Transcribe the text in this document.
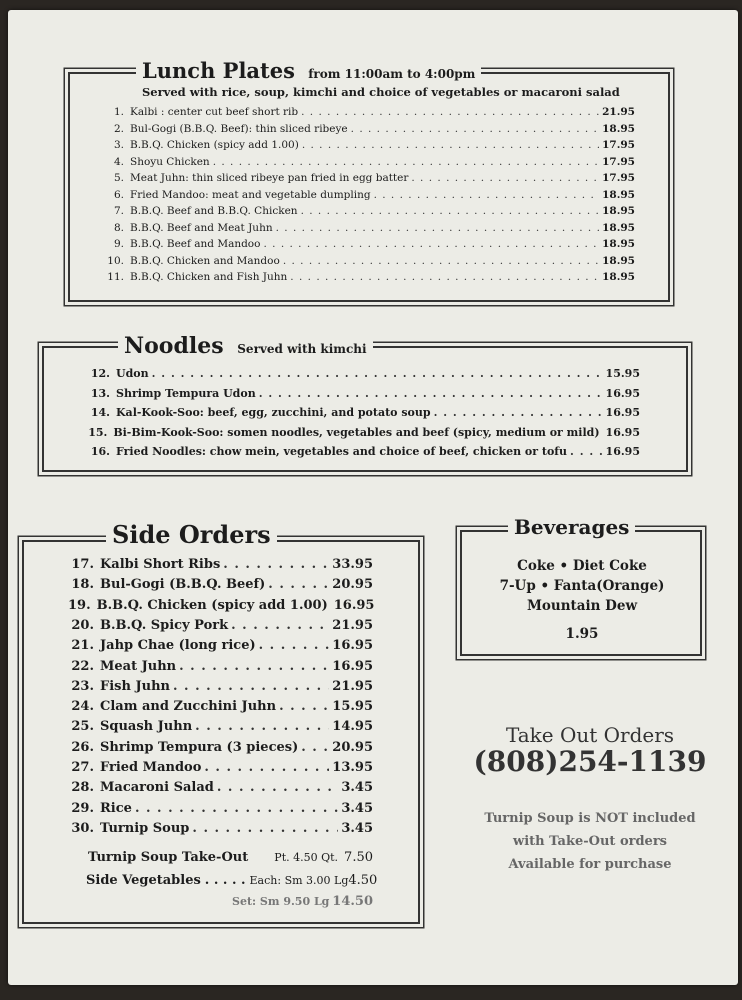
Lunch Plates from 11:00am to 4:00pm
Served with rice, soup, kimchi and choice of vegetables or macaroni salad
1. Kalbi : center cut beef short rib . . .	21.95
2. Bul-Gogi (B.B.Q. Beef): thin sliced ribeye . . .	18.95
3. B.B.Q. Chicken (spicy add 1.00) . . .	17.95
4. Shoyu Chicken . . .	17.95
5. Meat Juhn: thin sliced ribeye pan fried in egg batter . . .	17.95
6. Fried Mandoo: meat and vegetable dumpling . . .	18.95
7. B.B.Q. Beef and B.B.Q. Chicken . . .	18.95
8. B.B.Q. Beef and Meat Juhn . . .	18.95
9. B.B.Q. Beef and Mandoo . . .	18.95
10. B.B.Q. Chicken and Mandoo . . .	18.95
11. B.B.Q. Chicken and Fish Juhn . . .	18.95
Noodles Served with kimchi
12. Udon . . .	15.95
13. Shrimp Tempura Udon . . .	16.95
14. Kal-Kook-Soo: beef, egg, zucchini, and potato soup . . .	16.95
15. Bi-Bim-Kook-Soo: somen noodles, vegetables and beef (spicy, medium or mild) 16.95
16. Fried Noodles: chow mein, vegetables and choice of beef, chicken or tofu . . .	16.95
Side Orders
17. Kalbi Short Ribs . . .	33.95
18. Bul-Gogi (B.B.Q. Beef) . . .	20.95
19. B.B.Q. Chicken (spicy add 1.00) 16.95
20. B.B.Q. Spicy Pork . . .	21.95
21. Jahp Chae (long rice) . . .	16.95
22. Meat Juhn . . .	16.95
23. Fish Juhn . . .	21.95
24. Clam and Zucchini Juhn . . .	15.95
25. Squash Juhn . . .	14.95
26. Shrimp Tempura (3 pieces) . . .	20.95
27. Fried Mandoo . . .	13.95
28. Macaroni Salad . . .	3.45
29. Rice . . .	3.45
30. Turnip Soup . . .	3.45
Turnip Soup Take-Out Pt. 4.50 Qt. 7.50
Side Vegetables . . . . . Each: Sm 3.00 Lg 4.50
Set: Sm 9.50 Lg 14.50
Beverages
Coke • Diet Coke
7-Up • Fanta(Orange)
Mountain Dew
1.95
Take Out Orders
(808)254-1139
Turnip Soup is NOT included
with Take-Out orders
Available for purchase
